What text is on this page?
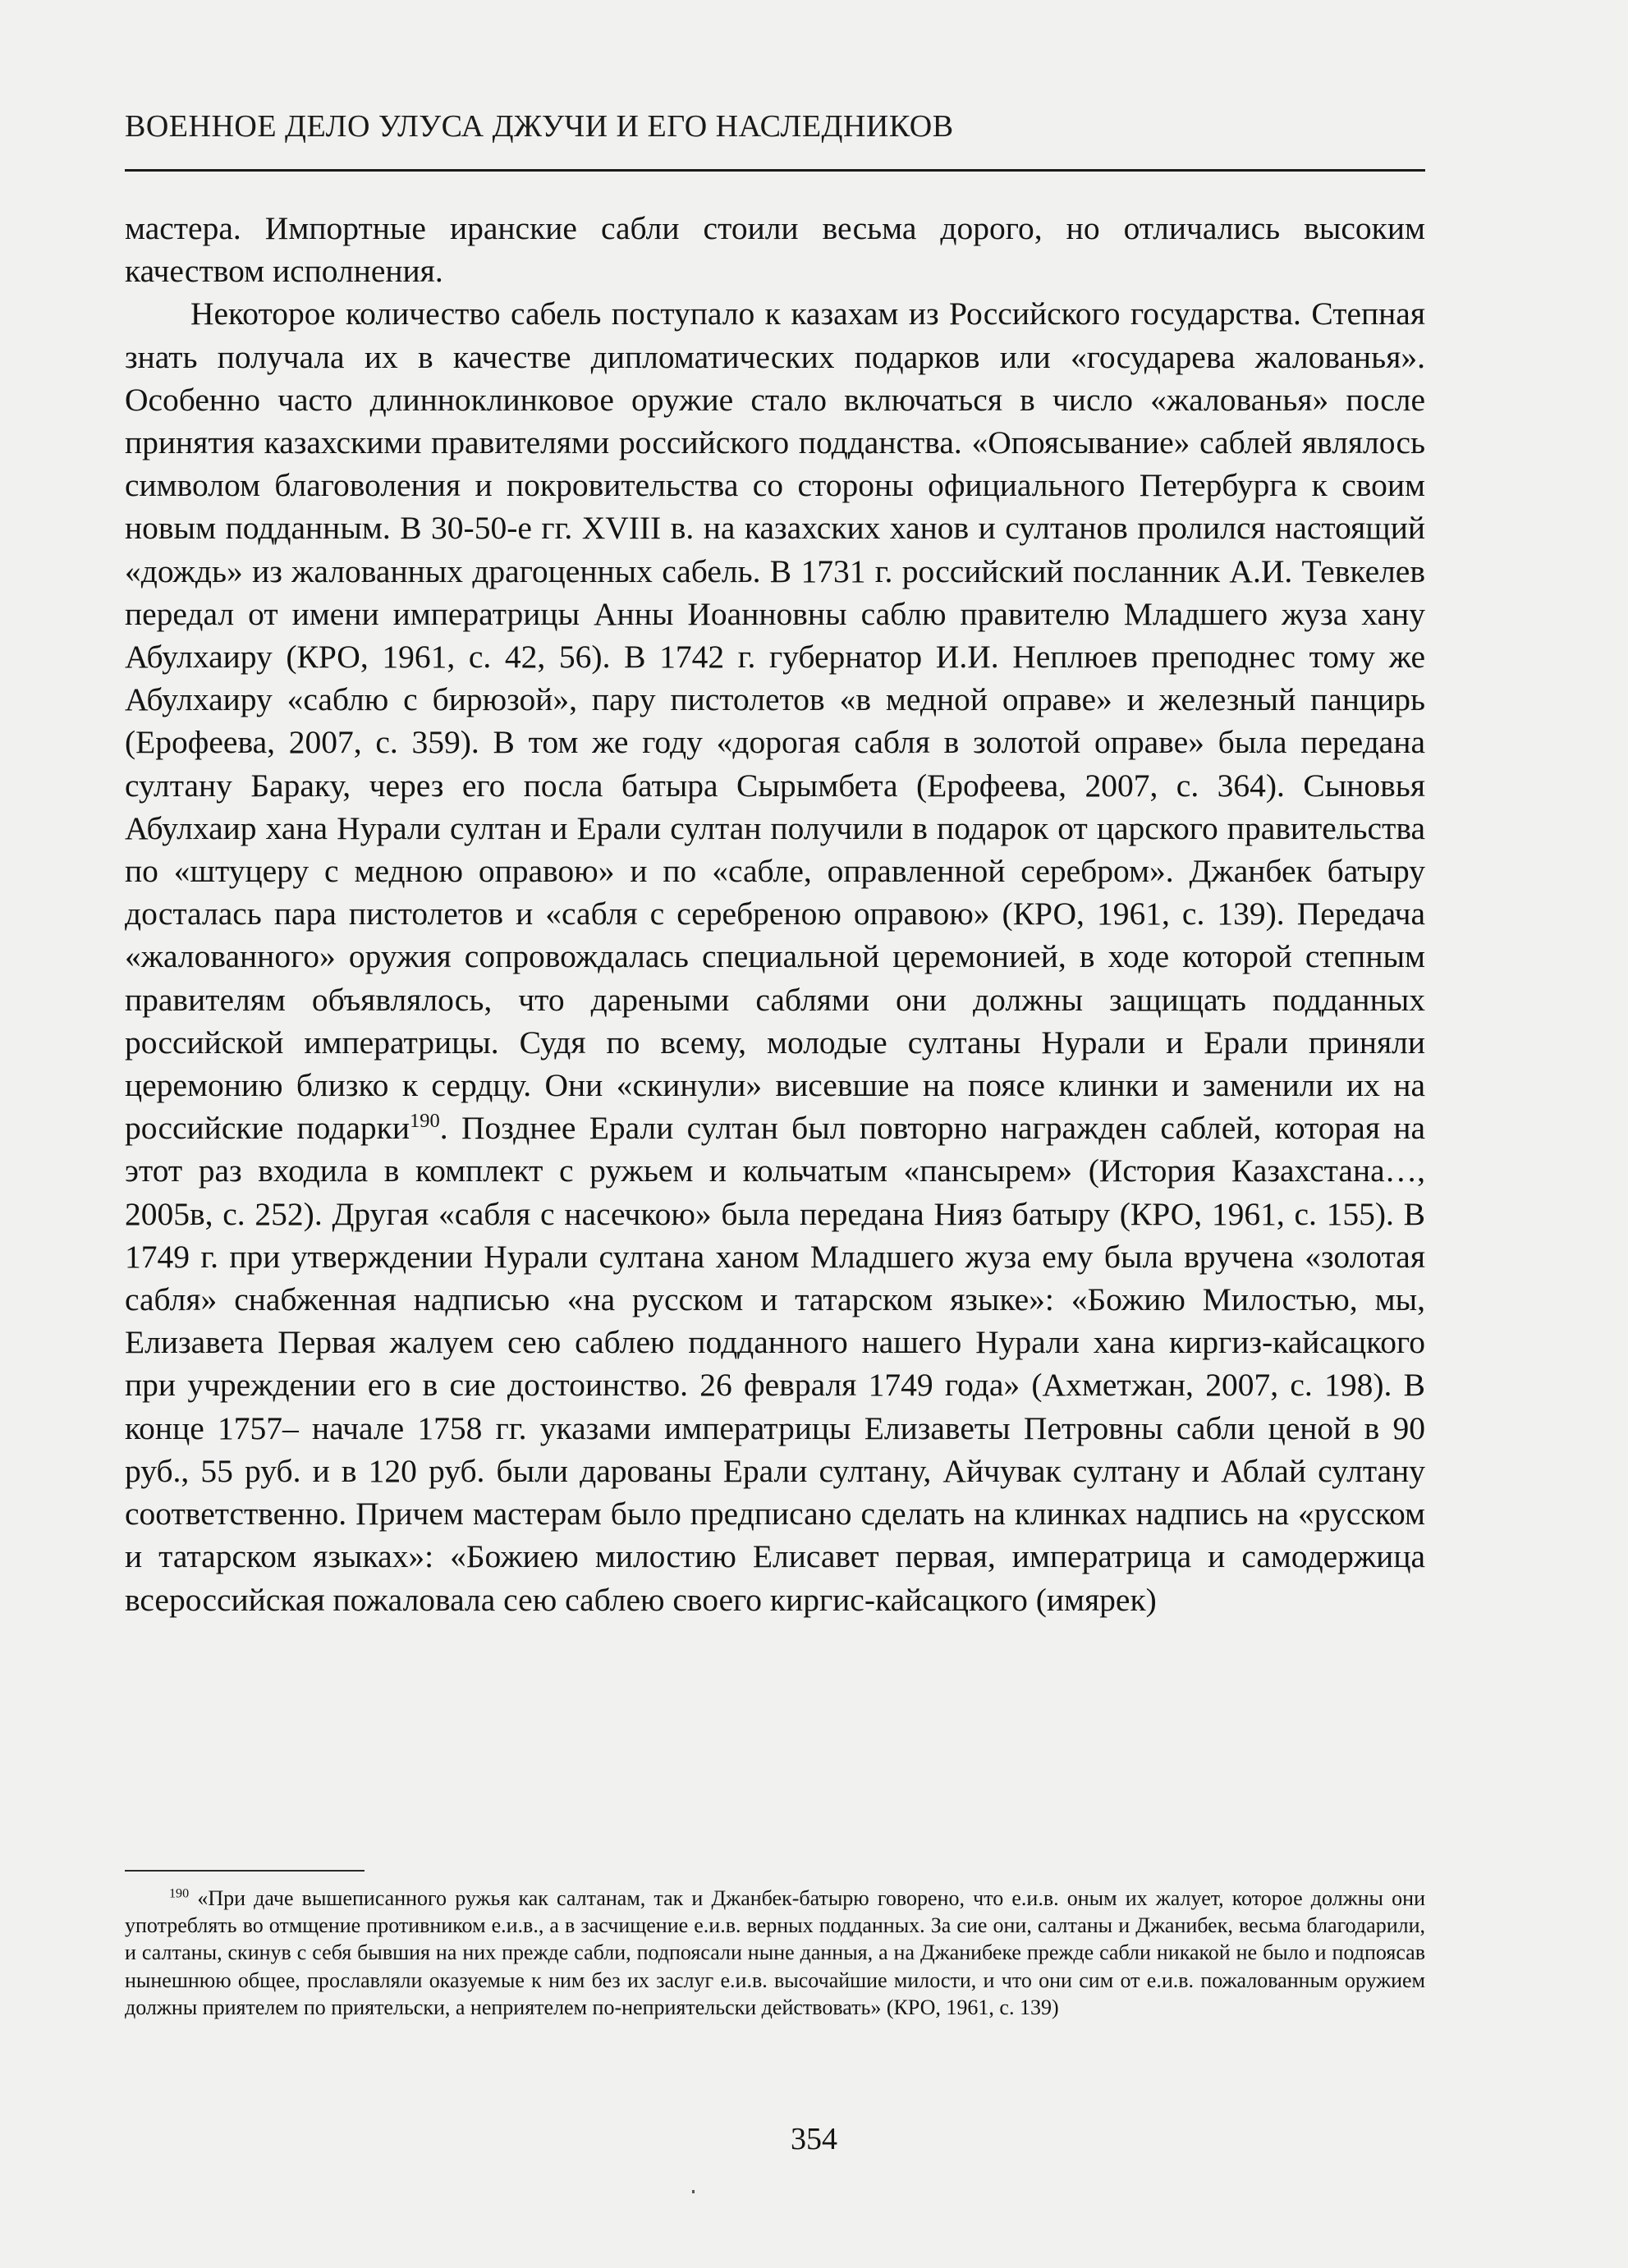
ВОЕННОЕ ДЕЛО УЛУСА ДЖУЧИ И ЕГО НАСЛЕДНИКОВ

мастера. Импортные иранские сабли стоили весьма дорого, но отличались высоким качеством исполнения.

Некоторое количество сабель поступало к казахам из Российского государства. Степная знать получала их в качестве дипломатических подарков или «государева жалованья». Особенно часто длинноклинковое оружие стало включаться в число «жалованья» после принятия казахскими правителями российского подданства. «Опоясывание» саблей являлось символом благоволения и покровительства со стороны официального Петербурга к своим новым подданным. В 30-50-е гг. XVIII в. на казахских ханов и султанов пролился настоящий «дождь» из жалованных драгоценных сабель. В 1731 г. российский посланник А.И. Тевкелев передал от имени императрицы Анны Иоанновны саблю правителю Младшего жуза хану Абулхаиру (КРО, 1961, с. 42, 56). В 1742 г. губернатор И.И. Неплюев преподнес тому же Абулхаиру «саблю с бирюзой», пару пистолетов «в медной оправе» и железный панцирь (Ерофеева, 2007, с. 359). В том же году «дорогая сабля в золотой оправе» была передана султану Бараку, через его посла батыра Сырымбета (Ерофеева, 2007, с. 364). Сыновья Абулхаир хана Нурали султан и Ерали султан получили в подарок от царского правительства по «штуцеру с медною оправою» и по «сабле, оправленной серебром». Джанбек батыру досталась пара пистолетов и «сабля с серебреною оправою» (КРО, 1961, с. 139). Передача «жалованного» оружия сопровождалась специальной церемонией, в ходе которой степным правителям объявлялось, что дареными саблями они должны защищать подданных российской императрицы. Судя по всему, молодые султаны Нурали и Ерали приняли церемонию близко к сердцу. Они «скинули» висевшие на поясе клинки и заменили их на российские подарки$^{190}$. Позднее Ерали султан был повторно награжден саблей, которая на этот раз входила в комплект с ружьем и кольчатым «пансырем» (История Казахстана…, 2005в, с. 252). Другая «сабля с насечкою» была передана Нияз батыру (КРО, 1961, с. 155). В 1749 г. при утверждении Нурали султана ханом Младшего жуза ему была вручена «золотая сабля» снабженная надписью «на русском и татарском языке»: «Божию Милостью, мы, Елизавета Первая жалуем сею саблею подданного нашего Нурали хана киргиз-кайсацкого при учреждении его в сие достоинство. 26 февраля 1749 года» (Ахметжан, 2007, с. 198). В конце 1757– начале 1758 гг. указами императрицы Елизаветы Петровны сабли ценой в 90 руб., 55 руб. и в 120 руб. были дарованы Ерали султану, Айчувак султану и Аблай султану соответственно. Причем мастерам было предписано сделать на клинках надпись на «русском и татарском языках»: «Божиею милостию Елисавет первая, императрица и самодержица всероссийская пожаловала сею саблею своего киргис-кайсацкого (имярек)

$^{190}$ «При даче вышеписанного ружья как салтанам, так и Джанбек-батырю говорено, что е.и.в. оным их жалует, которое должны они употреблять во отмщение противником е.и.в., а в засчищение е.и.в. верных подданных. За сие они, салтаны и Джанибек, весьма благодарили, и салтаны, скинув с себя бывшия на них прежде сабли, подпоясали ныне данныя, а на Джанибеке прежде сабли никакой не было и подпоясав нынешнюю общее, прославляли оказуемые к ним без их заслуг е.и.в. высочайшие милости, и что они сим от е.и.в. пожалованным оружием должны приятелем по приятельски, а неприятелем по-неприятельски действовать» (КРО, 1961, с. 139)
354
